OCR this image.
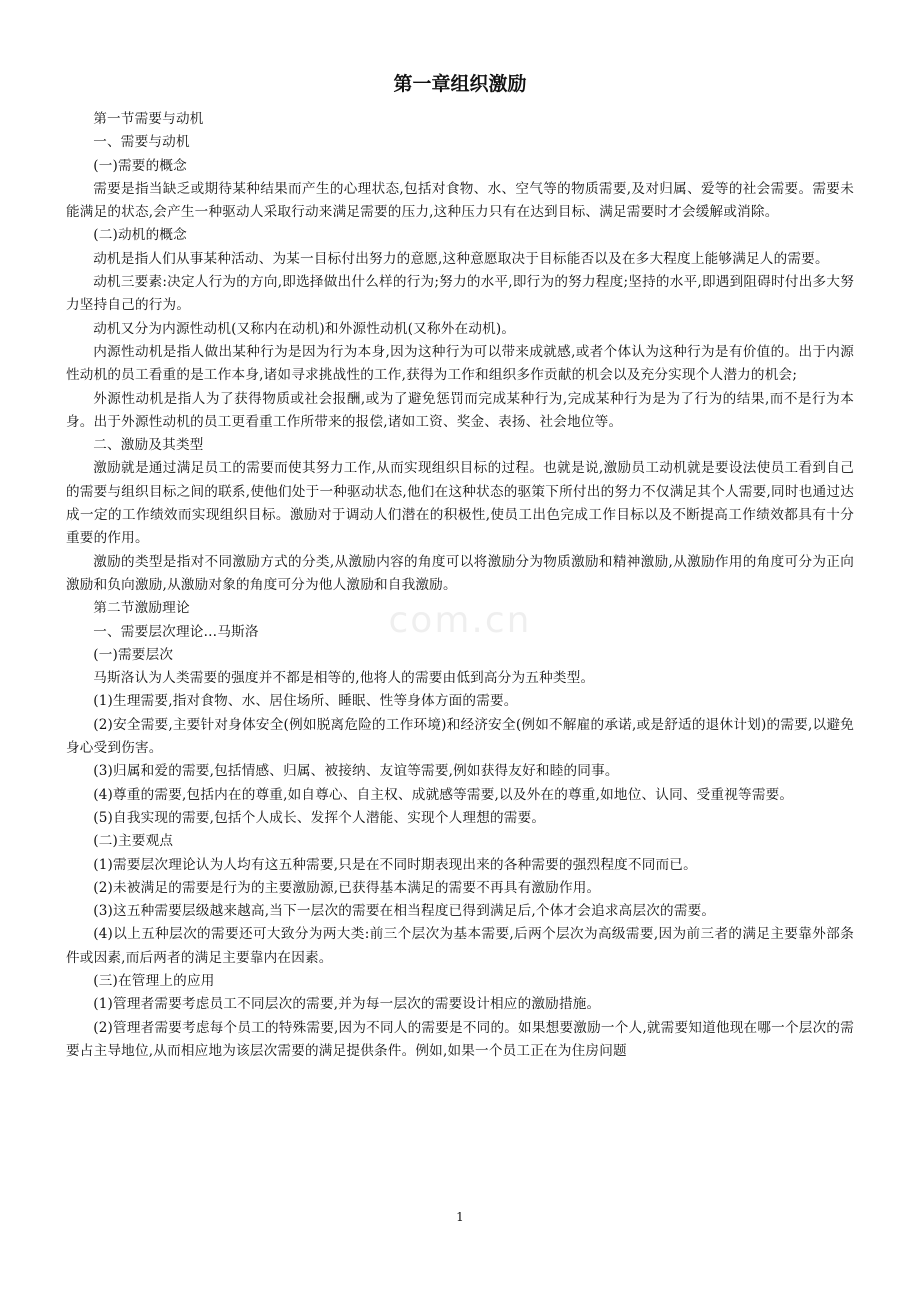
第一章组织激励

第一节需要与动机

一、需要与动机

(一)需要的概念

需要是指当缺乏或期待某种结果而产生的心理状态,包括对食物、水、空气等的物质需要,及对归属、爱等的社会需要。需要未能满足的状态,会产生一种驱动人采取行动来满足需要的压力,这种压力只有在达到目标、满足需要时才会缓解或消除。

(二)动机的概念

动机是指人们从事某种活动、为某一目标付出努力的意愿,这种意愿取决于目标能否以及在多大程度上能够满足人的需要。

动机三要素:决定人行为的方向,即选择做出什么样的行为;努力的水平,即行为的努力程度;坚持的水平,即遇到阻碍时付出多大努力坚持自己的行为。

动机又分为内源性动机(又称内在动机)和外源性动机(又称外在动机)。

内源性动机是指人做出某种行为是因为行为本身,因为这种行为可以带来成就感,或者个体认为这种行为是有价值的。出于内源性动机的员工看重的是工作本身,诸如寻求挑战性的工作,获得为工作和组织多作贡献的机会以及充分实现个人潜力的机会;

外源性动机是指人为了获得物质或社会报酬,或为了避免惩罚而完成某种行为,完成某种行为是为了行为的结果,而不是行为本身。出于外源性动机的员工更看重工作所带来的报偿,诸如工资、奖金、表扬、社会地位等。

二、激励及其类型

激励就是通过满足员工的需要而使其努力工作,从而实现组织目标的过程。也就是说,激励员工动机就是要设法使员工看到自己的需要与组织目标之间的联系,使他们处于一种驱动状态,他们在这种状态的驱策下所付出的努力不仅满足其个人需要,同时也通过达成一定的工作绩效而实现组织目标。激励对于调动人们潜在的积极性,使员工出色完成工作目标以及不断提高工作绩效都具有十分重要的作用。

激励的类型是指对不同激励方式的分类,从激励内容的角度可以将激励分为物质激励和精神激励,从激励作用的角度可分为正向激励和负向激励,从激励对象的角度可分为他人激励和自我激励。

第二节激励理论

一、需要层次理论…马斯洛

(一)需要层次

马斯洛认为人类需要的强度并不都是相等的,他将人的需要由低到高分为五种类型。

(1)生理需要,指对食物、水、居住场所、睡眠、性等身体方面的需要。

(2)安全需要,主要针对身体安全(例如脱离危险的工作环境)和经济安全(例如不解雇的承诺,或是舒适的退休计划)的需要,以避免身心受到伤害。

(3)归属和爱的需要,包括情感、归属、被接纳、友谊等需要,例如获得友好和睦的同事。

(4)尊重的需要,包括内在的尊重,如自尊心、自主权、成就感等需要,以及外在的尊重,如地位、认同、受重视等需要。

(5)自我实现的需要,包括个人成长、发挥个人潜能、实现个人理想的需要。

(二)主要观点

(1)需要层次理论认为人均有这五种需要,只是在不同时期表现出来的各种需要的强烈程度不同而已。

(2)未被满足的需要是行为的主要激励源,已获得基本满足的需要不再具有激励作用。

(3)这五种需要层级越来越高,当下一层次的需要在相当程度已得到满足后,个体才会追求高层次的需要。

(4)以上五种层次的需要还可大致分为两大类:前三个层次为基本需要,后两个层次为高级需要,因为前三者的满足主要靠外部条件或因素,而后两者的满足主要靠内在因素。

(三)在管理上的应用

(1)管理者需要考虑员工不同层次的需要,并为每一层次的需要设计相应的激励措施。

(2)管理者需要考虑每个员工的特殊需要,因为不同人的需要是不同的。如果想要激励一个人,就需要知道他现在哪一个层次的需要占主导地位,从而相应地为该层次需要的满足提供条件。例如,如果一个员工正在为住房问题

com.cn
1
